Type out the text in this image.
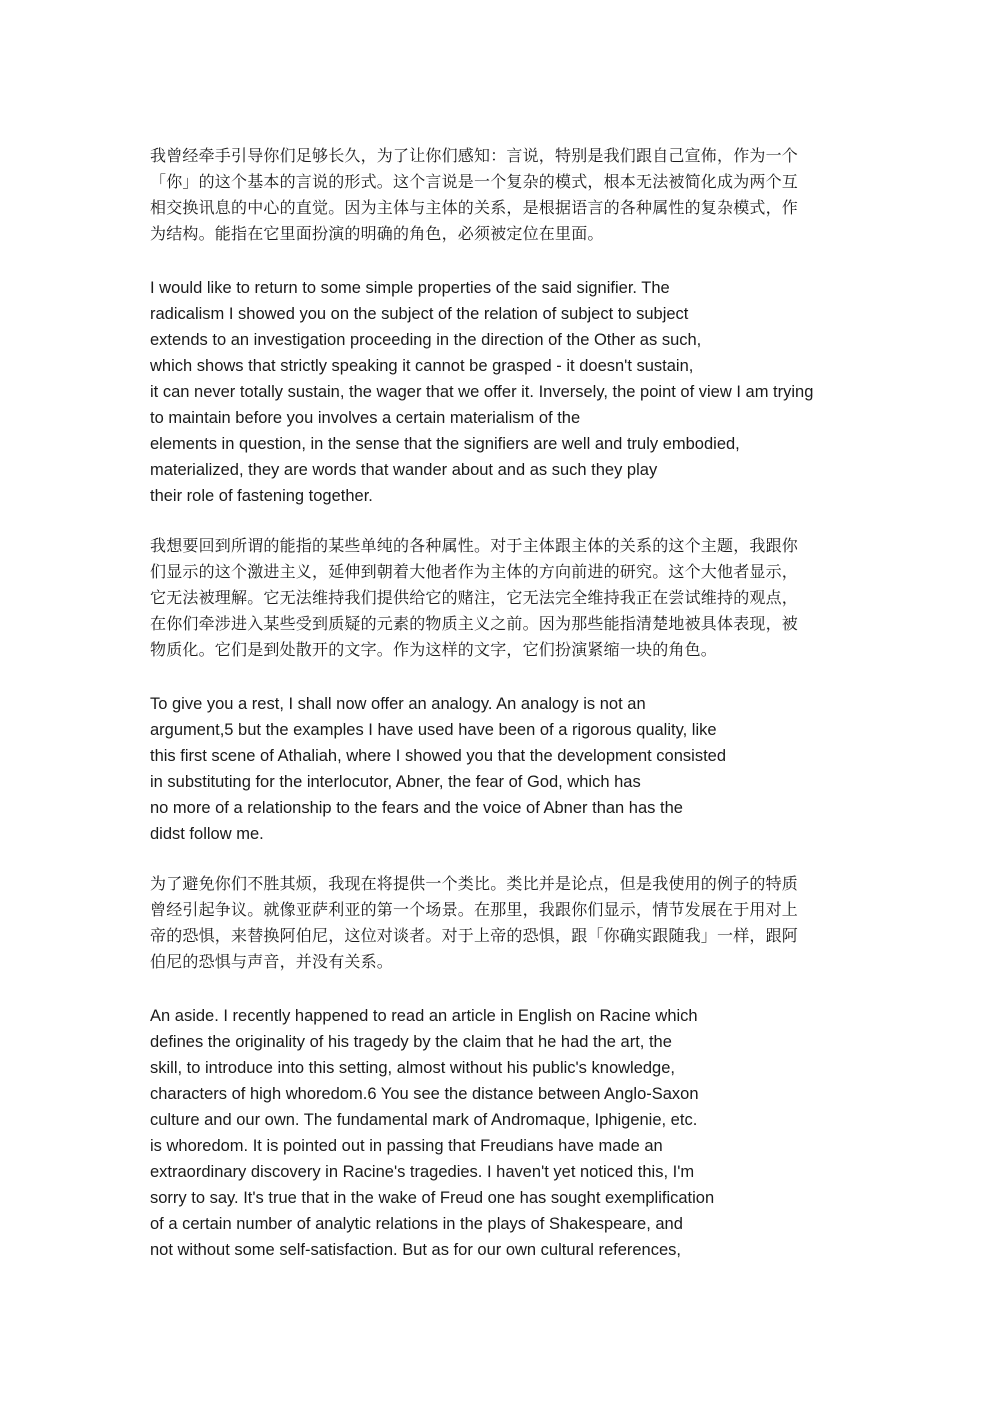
我曾经牵手引导你们足够长久，为了让你们感知：言说，特别是我们跟自己宣佈，作为一个
「你」的这个基本的言说的形式。这个言说是一个复杂的模式，根本无法被简化成为两个互
相交换讯息的中心的直觉。因为主体与主体的关系，是根据语言的各种属性的复杂模式，作
为结构。能指在它里面扮演的明确的角色，必须被定位在里面。

I would like to return to some simple properties of the said signifier. The
radicalism I showed you on the subject of the relation of subject to subject
extends to an investigation proceeding in the direction of the Other as such,
which shows that strictly speaking it cannot be grasped - it doesn't sustain,
it can never totally sustain, the wager that we offer it. Inversely, the point of view I am trying
to maintain before you involves a certain materialism of the
elements in question, in the sense that the signifiers are well and truly embodied,
materialized, they are words that wander about and as such they play
their role of fastening together.

我想要回到所谓的能指的某些单纯的各种属性。对于主体跟主体的关系的这个主题，我跟你
们显示的这个激进主义，延伸到朝着大他者作为主体的方向前进的研究。这个大他者显示，
它无法被理解。它无法维持我们提供给它的赌注，它无法完全维持我正在尝试维持的观点，
在你们牵涉进入某些受到质疑的元素的物质主义之前。因为那些能指清楚地被具体表现，被
物质化。它们是到处散开的文字。作为这样的文字，它们扮演紧缩一块的角色。

To give you a rest, I shall now offer an analogy. An analogy is not an
argument,5 but the examples I have used have been of a rigorous quality, like
this first scene of Athaliah, where I showed you that the development consisted
in substituting for the interlocutor, Abner, the fear of God, which has
no more of a relationship to the fears and the voice of Abner than has the
didst follow me.

为了避免你们不胜其烦，我现在将提供一个类比。类比并是论点，但是我使用的例子的特质
曾经引起争议。就像亚萨利亚的第一个场景。在那里，我跟你们显示，情节发展在于用对上
帝的恐惧，来替换阿伯尼，这位对谈者。对于上帝的恐惧，跟「你确实跟随我」一样，跟阿
伯尼的恐惧与声音，并没有关系。

An aside. I recently happened to read an article in English on Racine which
defines the originality of his tragedy by the claim that he had the art, the
skill, to introduce into this setting, almost without his public's knowledge,
characters of high whoredom.6 You see the distance between Anglo-Saxon
culture and our own. The fundamental mark of Andromaque, Iphigenie, etc.
is whoredom. It is pointed out in passing that Freudians have made an
extraordinary discovery in Racine's tragedies. I haven't yet noticed this, I'm
sorry to say. It's true that in the wake of Freud one has sought exemplification
of a certain number of analytic relations in the plays of Shakespeare, and
not without some self-satisfaction. But as for our own cultural references,
